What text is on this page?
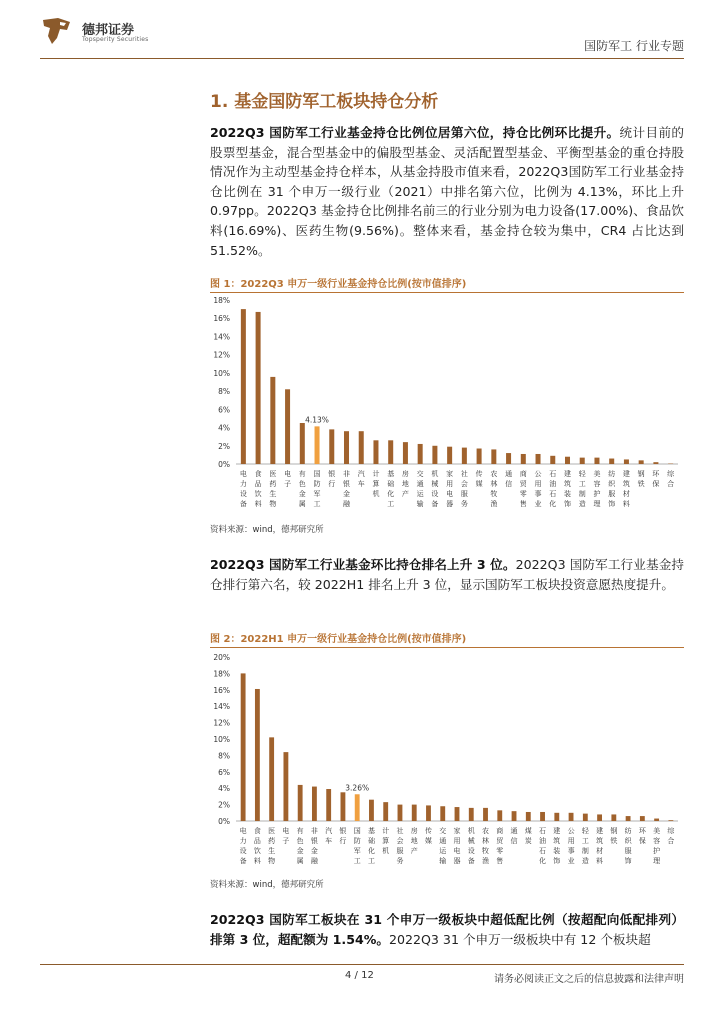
德邦证券
Topsperity Securities	国防军工 行业专题
1. 基金国防军工板块持仓分析
2022Q3 国防军工行业基金持仓比例位居第六位，持仓比例环比提升。统计目前的股票型基金，混合型基金中的偏股型基金、灵活配置型基金、平衡型基金的重仓持股情况作为主动型基金持仓样本，从基金持股市值来看，2022Q3国防军工行业基金持仓比例在 31 个申万一级行业（2021）中排名第六位，比例为 4.13%，环比上升 0.97pp。2022Q3 基金持仓比例排名前三的行业分别为电力设备(17.00%)、食品饮料(16.69%)、医药生物(9.56%)。整体来看，基金持仓较为集中，CR4 占比达到 51.52%。
图 1：2022Q3 申万一级行业基金持仓比例(按市值排序)
0%
2%
4%
6%
8%
10%
12%
14%
16%
18%
电力设备
食品饮料
医药生物
电子
有色金属
4.13%
国防军工
银行
非银金融
汽车
计算机
基础化工
房地产
交通运输
机械设备
家用电器
社会服务
传媒
农林牧渔
通信
商贸零售
公用事业
石油石化
建筑装饰
轻工制造
美容护理
纺织服饰
建筑材料
钢铁
环保
综合
资料来源：wind，德邦研究所
2022Q3 国防军工行业基金环比持仓排名上升 3 位。2022Q3 国防军工行业基金持仓排行第六名，较 2022H1 排名上升 3 位，显示国防军工板块投资意愿热度提升。
图 2：2022H1 申万一级行业基金持仓比例(按市值排序)
0%
2%
4%
6%
8%
10%
12%
14%
16%
18%
20%
电力设备
食品饮料
医药生物
电子
有色金属
非银金融
汽车
银行
3.26%
国防军工
基础化工
计算机
社会服务
房地产
传媒
交通运输
家用电器
机械设备
农林牧渔
商贸零售
通信
煤炭
石油石化
建筑装饰
公用事业
轻工制造
建筑材料
钢铁
纺织服饰
环保
美容护理
综合
资料来源：wind，德邦研究所
2022Q3 国防军工板块在 31 个申万一级板块中超低配比例（按超配向低配排列）排第 3 位，超配额为 1.54%。2022Q3 31 个申万一级板块中有 12 个板块超
4 / 12	请务必阅读正文之后的信息披露和法律声明
